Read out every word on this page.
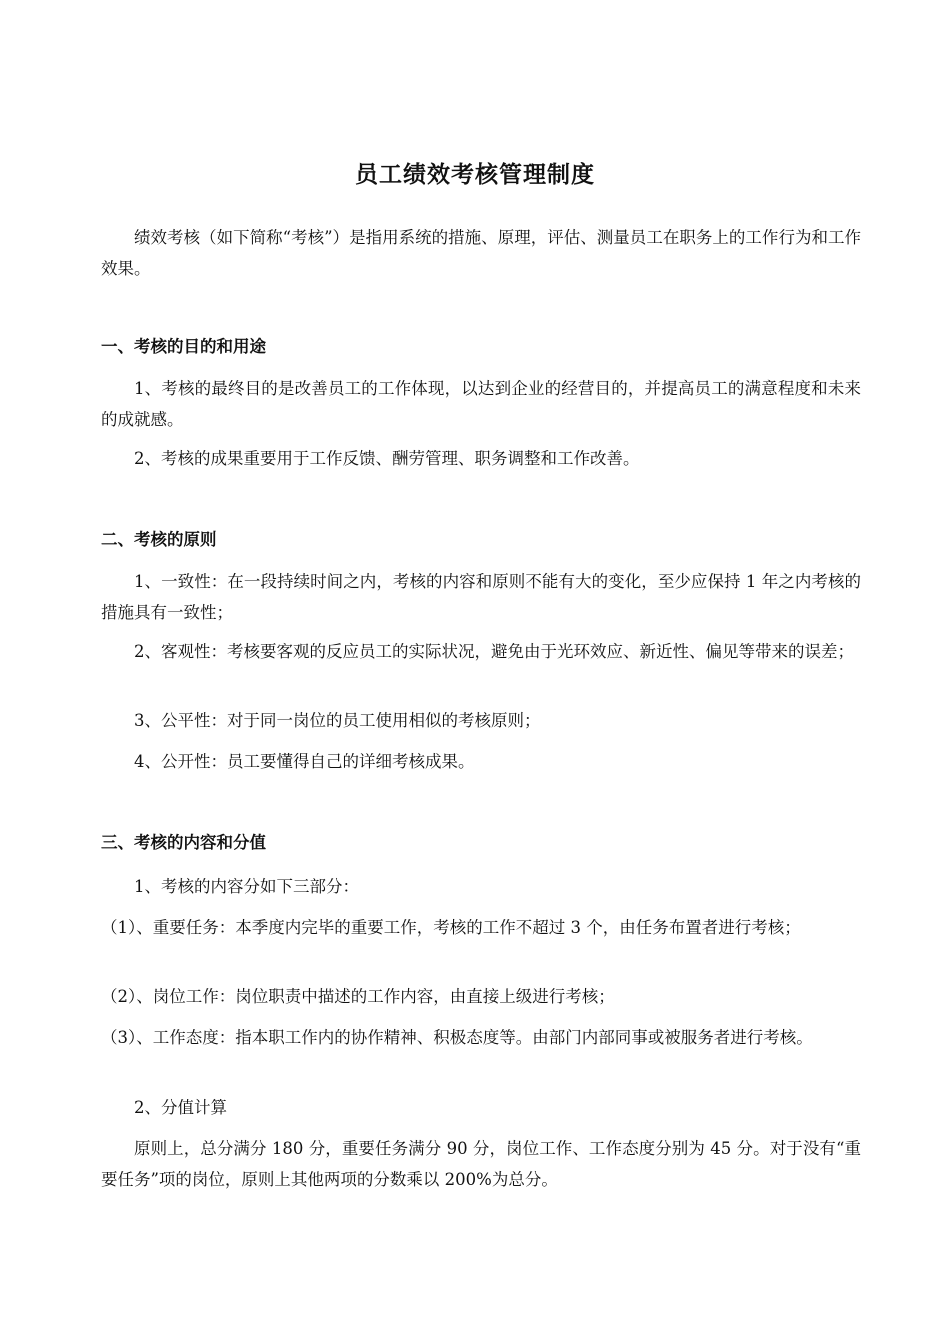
员工绩效考核管理制度

绩效考核（如下简称“考核”）是指用系统的措施、原理，评估、测量员工在职务上的工作行为和工作效果。

一、考核的目的和用途

1、考核的最终目的是改善员工的工作体现，以达到企业的经营目的，并提高员工的满意程度和未来的成就感。

2、考核的成果重要用于工作反馈、酬劳管理、职务调整和工作改善。

二、考核的原则

1、一致性：在一段持续时间之内，考核的内容和原则不能有大的变化，至少应保持 1 年之内考核的措施具有一致性；

2、客观性：考核要客观的反应员工的实际状况，避免由于光环效应、新近性、偏见等带来的误差；

3、公平性：对于同一岗位的员工使用相似的考核原则；

4、公开性：员工要懂得自己的详细考核成果。

三、考核的内容和分值

1、考核的内容分如下三部分：

（1）、重要任务：本季度内完毕的重要工作，考核的工作不超过 3 个，由任务布置者进行考核；

（2）、岗位工作：岗位职责中描述的工作内容，由直接上级进行考核；

（3）、工作态度：指本职工作内的协作精神、积极态度等。由部门内部同事或被服务者进行考核。

2、分值计算

原则上，总分满分 180 分，重要任务满分 90 分，岗位工作、工作态度分别为 45 分。对于没有“重要任务”项的岗位，原则上其他两项的分数乘以 200%为总分。
